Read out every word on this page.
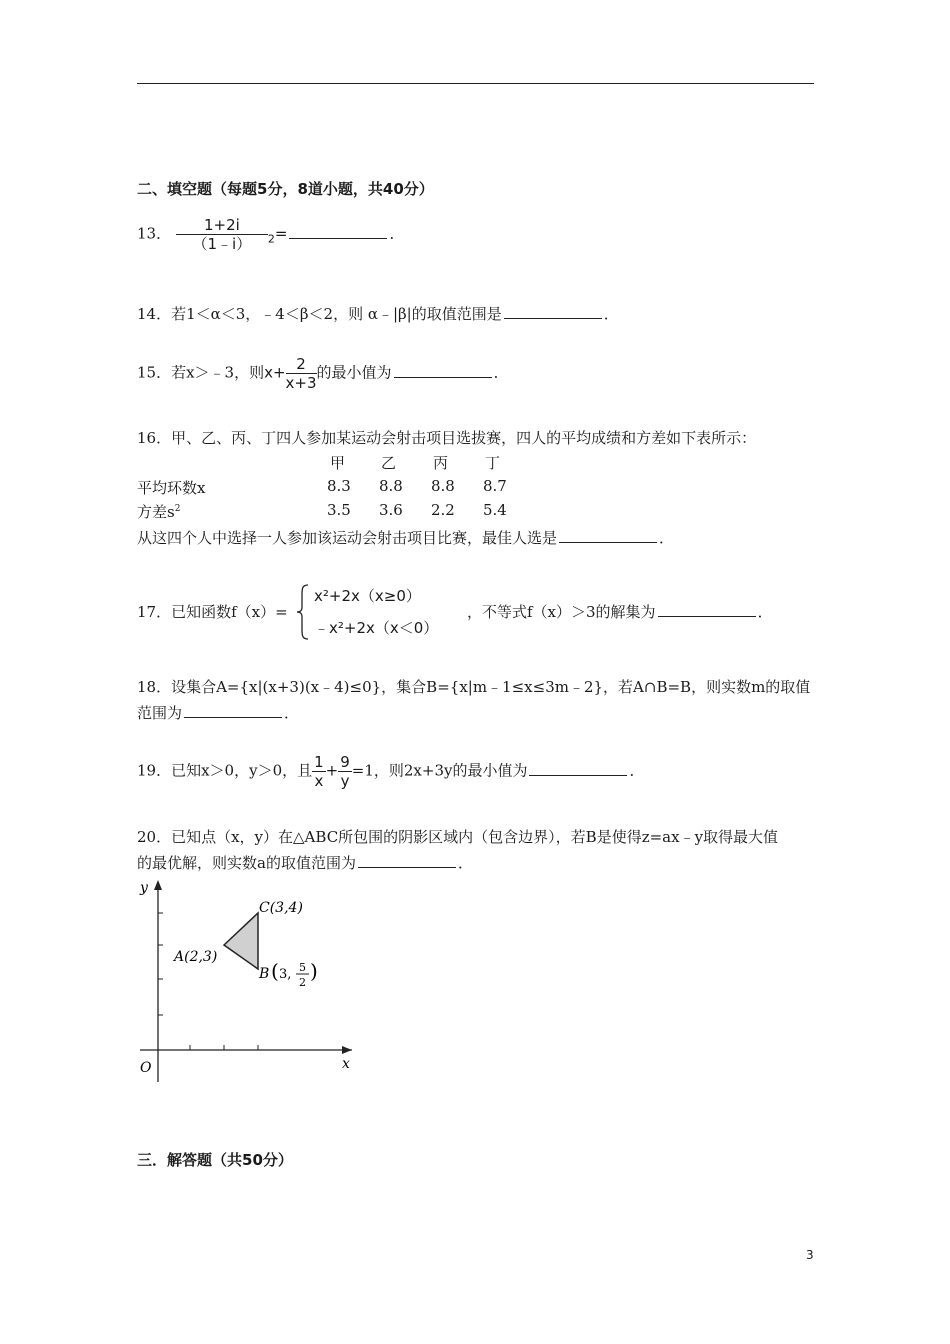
二、填空题（每题5分，8道小题，共40分）
13． $\frac{1+2i}{(1﹣i)} _2=$	．
14．若1＜α＜3，﹣4＜β＜2，则 α﹣|β|的取值范围是	．
15．若x＞﹣3，则$x+ \frac{2}{x+3}$ 的最小值为	．
16．甲、乙、丙、丁四人参加某运动会射击项目选拔赛，四人的平均成绩和方差如下表所示：
甲 乙 丙 丁
平均环数x	8.3 8.8 8.8 8.7
方差$s^2$	3.5 3.6 2.2 5.4
从这四个人中选择一人参加该运动会射击项目比赛，最佳人选是	．
17．已知函数f（x）=
x²+2x（x≥0）
﹣x²+2x（x＜0）
，不等式f（x）＞3的解集为	．
18．设集合A={x|(x+3)(x﹣4)≤0}，集合B={x|m﹣1≤x≤3m﹣2}，若A∩B=B，则实数m的取值
范围为	．
19．已知x＞0，y＞0，且 $\frac{1}{x} + \frac{9}{y} =1$，则2x+3y的最小值为	．
20．已知点（x，y）在△ABC所包围的阴影区域内（包含边界），若B是使得z=ax﹣y取得最大值
的最优解，则实数a的取值范围为	．
y
x
O
A(2,3)
C(3,4)
B ( 3, 5
2 )
三．解答题（共50分）
3
